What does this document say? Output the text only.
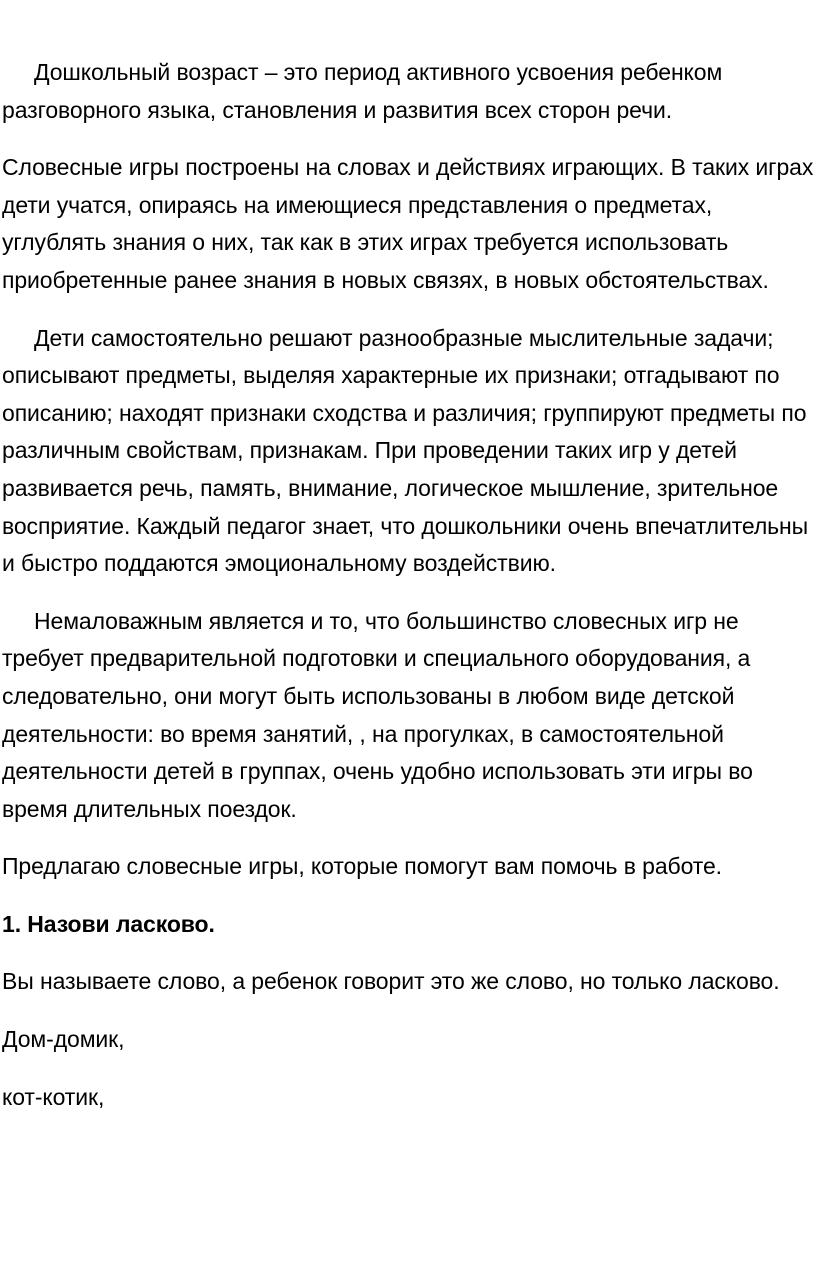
Дошкольный возраст – это период активного усвоения ребенком разговорного языка, становления и развития всех сторон речи.

Словесные игры построены на словах и действиях играющих. В таких играх дети учатся, опираясь на имеющиеся представления о предметах, углублять знания о них, так как в этих играх требуется использовать приобретенные ранее знания в новых связях, в новых обстоятельствах.

Дети самостоятельно решают разнообразные мыслительные задачи; описывают предметы, выделяя характерные их признаки; отгадывают по описанию; находят признаки сходства и различия; группируют предметы по различным свойствам, признакам. При проведении таких игр у детей развивается речь, память, внимание, логическое мышление, зрительное восприятие. Каждый педагог знает, что дошкольники очень впечатлительны и быстро поддаются эмоциональному воздействию.

Немаловажным является и то, что большинство словесных игр не требует предварительной подготовки и специального оборудования, а следовательно, они могут быть использованы в любом виде детской деятельности: во время занятий, , на прогулках, в самостоятельной деятельности детей в группах, очень удобно использовать эти игры во время длительных поездок.

Предлагаю словесные игры, которые помогут вам помочь в работе.

1. Назови ласково.

Вы называете слово, а ребенок говорит это же слово, но только ласково.

Дом-домик,

кот-котик,
